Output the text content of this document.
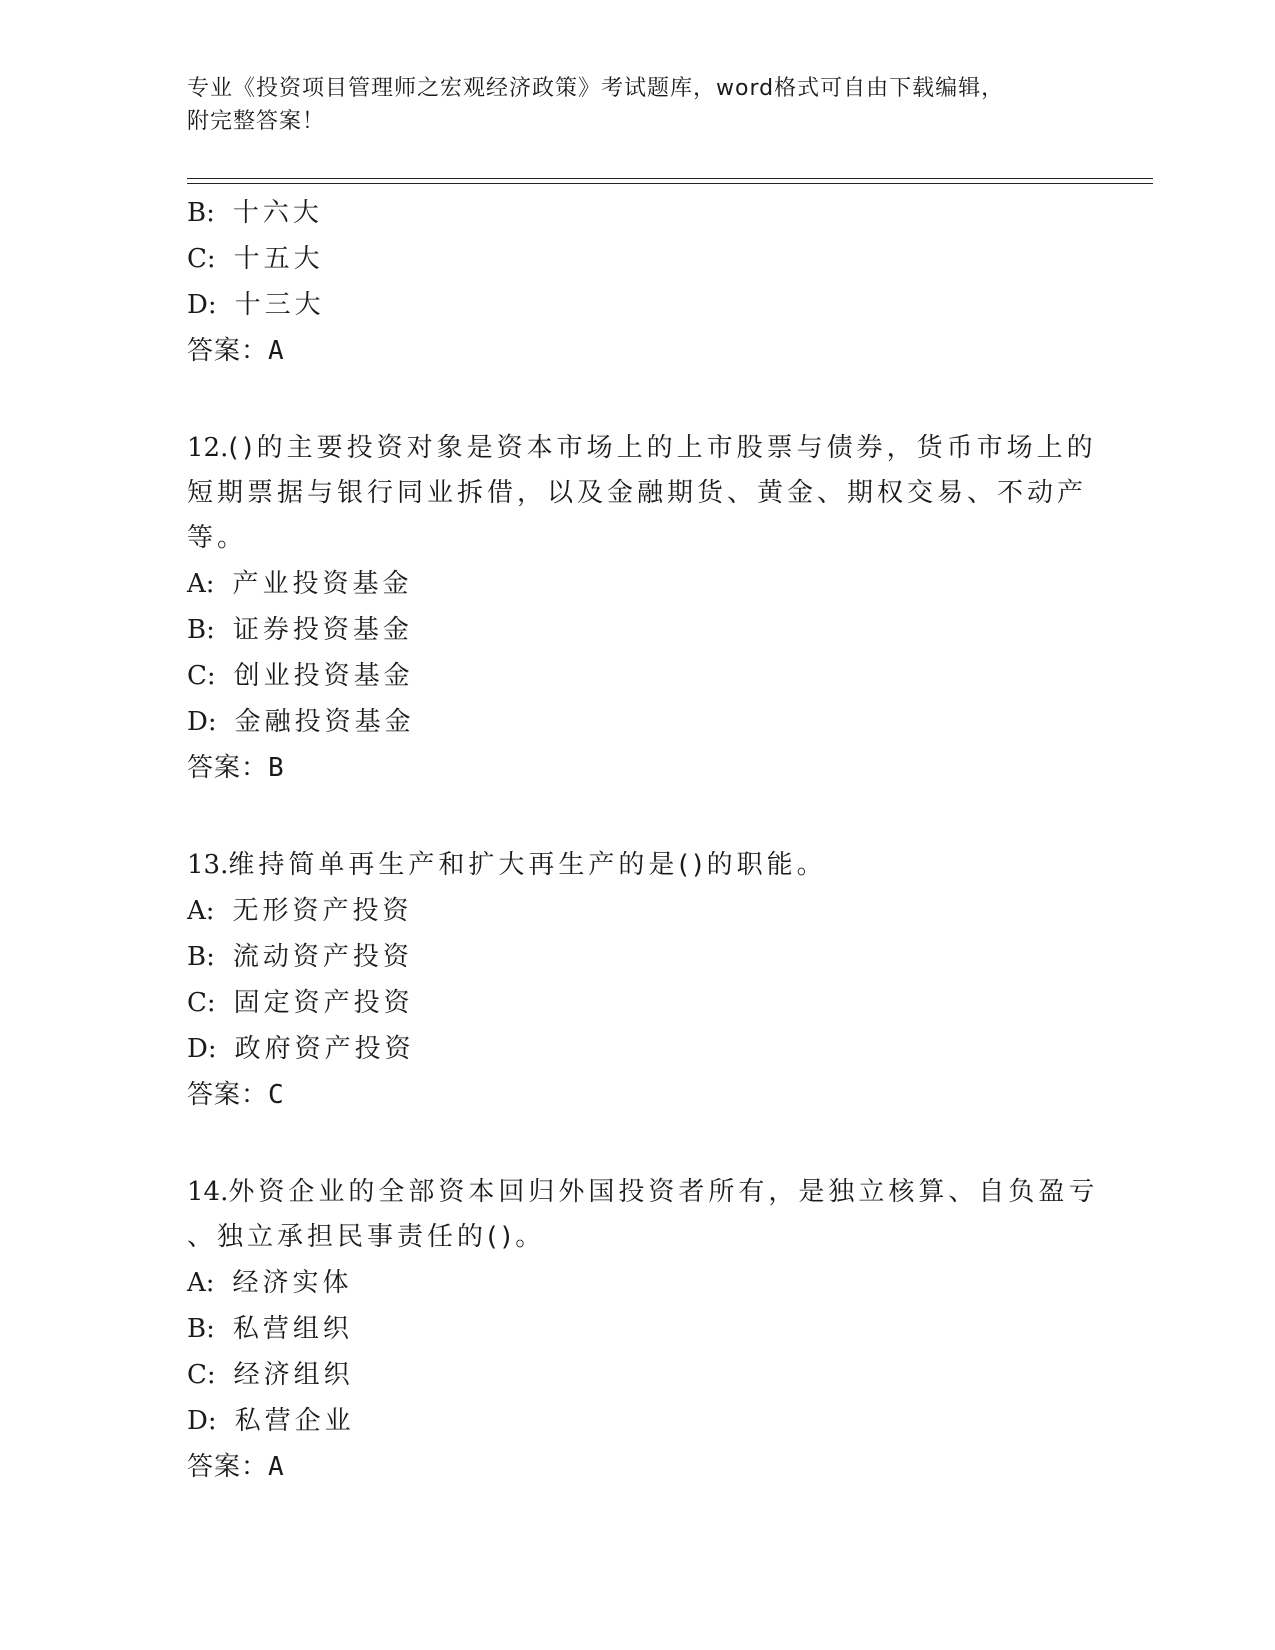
专业《投资项目管理师之宏观经济政策》考试题库，word格式可自由下载编辑，
附完整答案！
B: 十六大
C: 十五大
D: 十三大
答案：A
12.()的主要投资对象是资本市场上的上市股票与债券，货币市场上的
短期票据与银行同业拆借，以及金融期货、黄金、期权交易、不动产
等。
A: 产业投资基金
B: 证券投资基金
C: 创业投资基金
D: 金融投资基金
答案：B
13.维持简单再生产和扩大再生产的是()的职能。
A: 无形资产投资
B: 流动资产投资
C: 固定资产投资
D: 政府资产投资
答案：C
14.外资企业的全部资本回归外国投资者所有，是独立核算、自负盈亏
、独立承担民事责任的()。
A: 经济实体
B: 私营组织
C: 经济组织
D: 私营企业
答案：A
